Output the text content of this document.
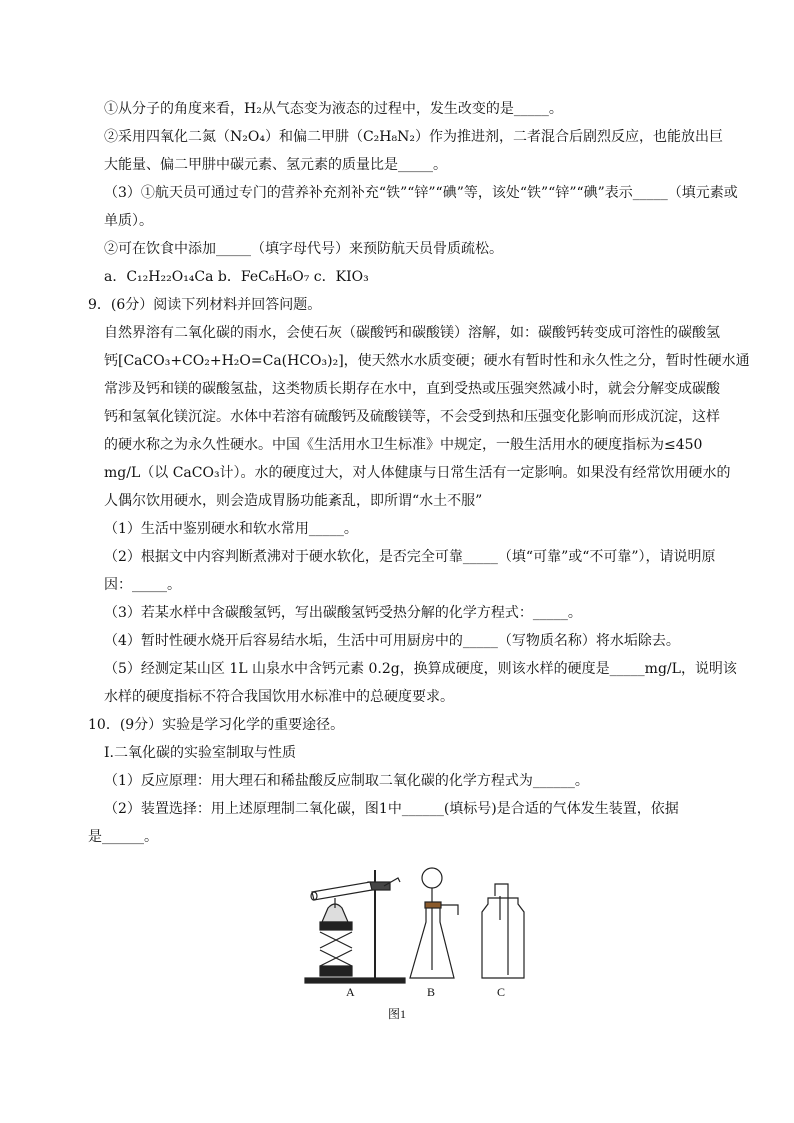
①从分子的角度来看，H₂从气态变为液态的过程中，发生改变的是_____。
②采用四氧化二氮（N₂O₄）和偏二甲肼（C₂H₈N₂）作为推进剂，二者混合后剧烈反应，也能放出巨
大能量、偏二甲肼中碳元素、氢元素的质量比是_____。
（3）①航天员可通过专门的营养补充剂补充“铁”“锌”“碘”等，该处“铁”“锌”“碘”表示_____（填元素或
单质）。
②可在饮食中添加_____（填字母代号）来预防航天员骨质疏松。
a．C₁₂H₂₂O₁₄Ca b．FeC₆H₆O₇ c．KIO₃
9．(6分）阅读下列材料并回答问题。
自然界溶有二氧化碳的雨水，会使石灰（碳酸钙和碳酸镁）溶解，如：碳酸钙转变成可溶性的碳酸氢
钙[CaCO₃+CO₂+H₂O=Ca(HCO₃)₂]，使天然水水质变硬；硬水有暂时性和永久性之分，暂时性硬水通
常涉及钙和镁的碳酸氢盐，这类物质长期存在水中，直到受热或压强突然减小时，就会分解变成碳酸
钙和氢氧化镁沉淀。水体中若溶有硫酸钙及硫酸镁等，不会受到热和压强变化影响而形成沉淀，这样
的硬水称之为永久性硬水。中国《生活用水卫生标准》中规定，一般生活用水的硬度指标为≤450
mg/L（以 CaCO₃计）。水的硬度过大，对人体健康与日常生活有一定影响。如果没有经常饮用硬水的
人偶尔饮用硬水，则会造成胃肠功能紊乱，即所谓“水土不服”
（1）生活中鉴别硬水和软水常用_____。
（2）根据文中内容判断煮沸对于硬水软化，是否完全可靠_____（填“可靠”或“不可靠”），请说明原
因：_____。
（3）若某水样中含碳酸氢钙，写出碳酸氢钙受热分解的化学方程式：_____。
（4）暂时性硬水烧开后容易结水垢，生活中可用厨房中的_____（写物质名称）将水垢除去。
（5）经测定某山区 1L 山泉水中含钙元素 0.2g，换算成硬度，则该水样的硬度是_____mg/L，说明该
水样的硬度指标不符合我国饮用水标准中的总硬度要求。
10．(9分）实验是学习化学的重要途径。
I.二氧化碳的实验室制取与性质
（1）反应原理：用大理石和稀盐酸反应制取二氧化碳的化学方程式为______。
（2）装置选择：用上述原理制二氧化碳，图1中______(填标号)是合适的气体发生装置，依据
是______。
A	B	C
图1
